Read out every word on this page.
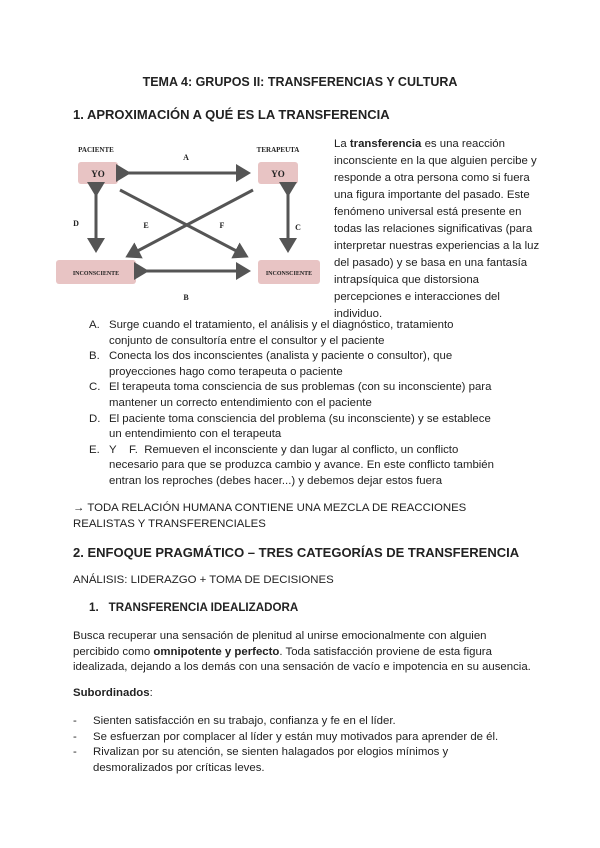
TEMA 4: GRUPOS II: TRANSFERENCIAS Y CULTURA
1. APROXIMACIÓN A QUÉ ES LA TRANSFERENCIA
PACIENTE	TERAPEUTA
YO	YO
INCONSCIENTE	INCONSCIENTE
A
B
C
D	E	F
La transferencia es una reacción
inconsciente en la que alguien percibe y
responde a otra persona como si fuera
una figura importante del pasado. Este
fenómeno universal está presente en
todas las relaciones significativas (para
interpretar nuestras experiencias a la luz
del pasado) y se basa en una fantasía
intrapsíquica que distorsiona
percepciones e interacciones del
individuo.
A. Surge cuando el tratamiento, el análisis y el diagnóstico, tratamiento
conjunto de consultoría entre el consultor y el paciente
B. Conecta los dos inconscientes (analista y paciente o consultor), que
proyecciones hago como terapeuta o paciente
C. El terapeuta toma consciencia de sus problemas (con su inconsciente) para
mantener un correcto entendimiento con el paciente
D. El paciente toma consciencia del problema (su inconsciente) y se establece
un entendimiento con el terapeuta
E. Y    F.  Remueven el inconsciente y dan lugar al conflicto, un conflicto
necesario para que se produzca cambio y avance. En este conflicto también
entran los reproches (debes hacer...) y debemos dejar estos fuera
→ TODA RELACIÓN HUMANA CONTIENE UNA MEZCLA DE REACCIONES
REALISTAS Y TRANSFERENCIALES
2. ENFOQUE PRAGMÁTICO – TRES CATEGORÍAS DE TRANSFERENCIA
ANÁLISIS: LIDERAZGO + TOMA DE DECISIONES
1. TRANSFERENCIA IDEALIZADORA
Busca recuperar una sensación de plenitud al unirse emocionalmente con alguien
percibido como omnipotente y perfecto. Toda satisfacción proviene de esta figura
idealizada, dejando a los demás con una sensación de vacío e impotencia en su ausencia.
Subordinados:
- Sienten satisfacción en su trabajo, confianza y fe en el líder.
- Se esfuerzan por complacer al líder y están muy motivados para aprender de él.
- Rivalizan por su atención, se sienten halagados por elogios mínimos y
desmoralizados por críticas leves.
